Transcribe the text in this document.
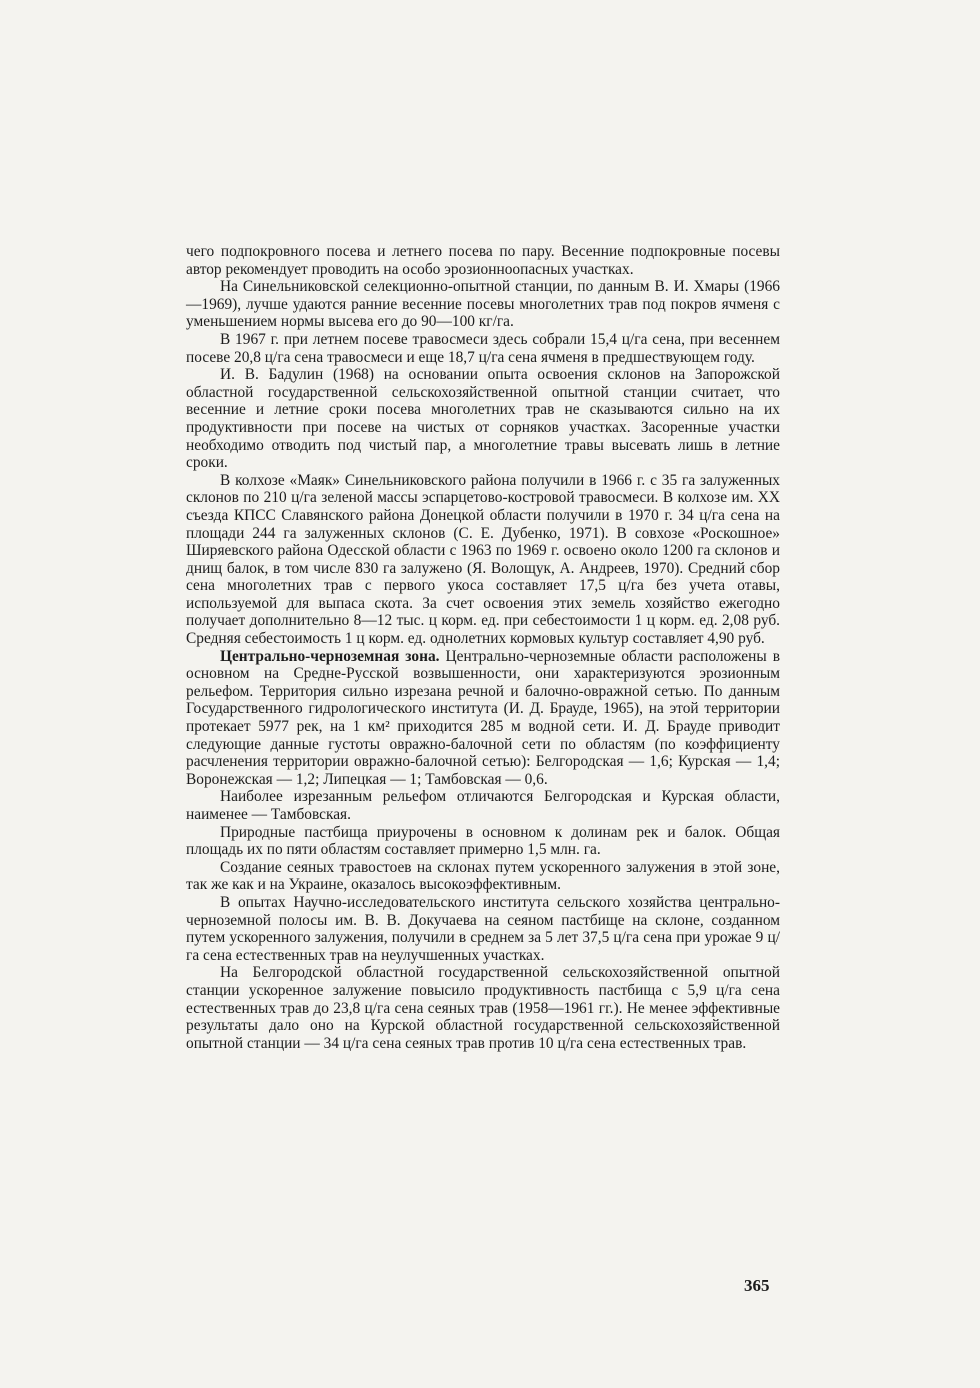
чего подпокровного посева и летнего посева по пару. Весенние подпокровные посевы автор рекомендует проводить на особо эрозионноопасных участках.

На Синельниковской селекционно-опытной станции, по данным В. И. Хмары (1966—1969), лучше удаются ранние весенние посевы многолетних трав под покров ячменя с уменьшением нормы высева его до 90—100 кг/га.

В 1967 г. при летнем посеве травосмеси здесь собрали 15,4 ц/га сена, при весеннем посеве 20,8 ц/га сена травосмеси и еще 18,7 ц/га сена ячменя в предшествующем году.

И. В. Бадулин (1968) на основании опыта освоения склонов на Запорожской областной государственной сельскохозяйственной опытной станции считает, что весенние и летние сроки посева многолетних трав не сказываются сильно на их продуктивности при посеве на чистых от сорняков участках. Засоренные участки необходимо отводить под чистый пар, а многолетние травы высевать лишь в летние сроки.

В колхозе «Маяк» Синельниковского района получили в 1966 г. с 35 га залуженных склонов по 210 ц/га зеленой массы эспарцетово-костровой травосмеси. В колхозе им. XX съезда КПСС Славянского района Донецкой области получили в 1970 г. 34 ц/га сена на площади 244 га залуженных склонов (С. Е. Дубенко, 1971). В совхозе «Роскошное» Ширяевского района Одесской области с 1963 по 1969 г. освоено около 1200 га склонов и днищ балок, в том числе 830 га залужено (Я. Волощук, А. Андреев, 1970). Средний сбор сена многолетних трав с первого укоса составляет 17,5 ц/га без учета отавы, используемой для выпаса скота. За счет освоения этих земель хозяйство ежегодно получает дополнительно 8—12 тыс. ц корм. ед. при себестоимости 1 ц корм. ед. 2,08 руб. Средняя себестоимость 1 ц корм. ед. однолетних кормовых культур составляет 4,90 руб.

Центрально-черноземная зона. Центрально-черноземные области расположены в основном на Средне-Русской возвышенности, они характеризуются эрозионным рельефом. Территория сильно изрезана речной и балочно-овражной сетью. По данным Государственного гидрологического института (И. Д. Брауде, 1965), на этой территории протекает 5977 рек, на 1 км² приходится 285 м водной сети. И. Д. Брауде приводит следующие данные густоты овражно-балочной сети по областям (по коэффициенту расчленения территории овражно-балочной сетью): Белгородская — 1,6; Курская — 1,4; Воронежская — 1,2; Липецкая — 1; Тамбовская — 0,6.

Наиболее изрезанным рельефом отличаются Белгородская и Курская области, наименее — Тамбовская.

Природные пастбища приурочены в основном к долинам рек и балок. Общая площадь их по пяти областям составляет примерно 1,5 млн. га.

Создание сеяных травостоев на склонах путем ускоренного залужения в этой зоне, так же как и на Украине, оказалось высокоэффективным.

В опытах Научно-исследовательского института сельского хозяйства центрально-черноземной полосы им. В. В. Докучаева на сеяном пастбище на склоне, созданном путем ускоренного залужения, получили в среднем за 5 лет 37,5 ц/га сена при урожае 9 ц/га сена естественных трав на неулучшенных участках.

На Белгородской областной государственной сельскохозяйственной опытной станции ускоренное залужение повысило продуктивность пастбища с 5,9 ц/га сена естественных трав до 23,8 ц/га сена сеяных трав (1958—1961 гг.). Не менее эффективные результаты дало оно на Курской областной государственной сельскохозяйственной опытной станции — 34 ц/га сена сеяных трав против 10 ц/га сена естественных трав.

365
